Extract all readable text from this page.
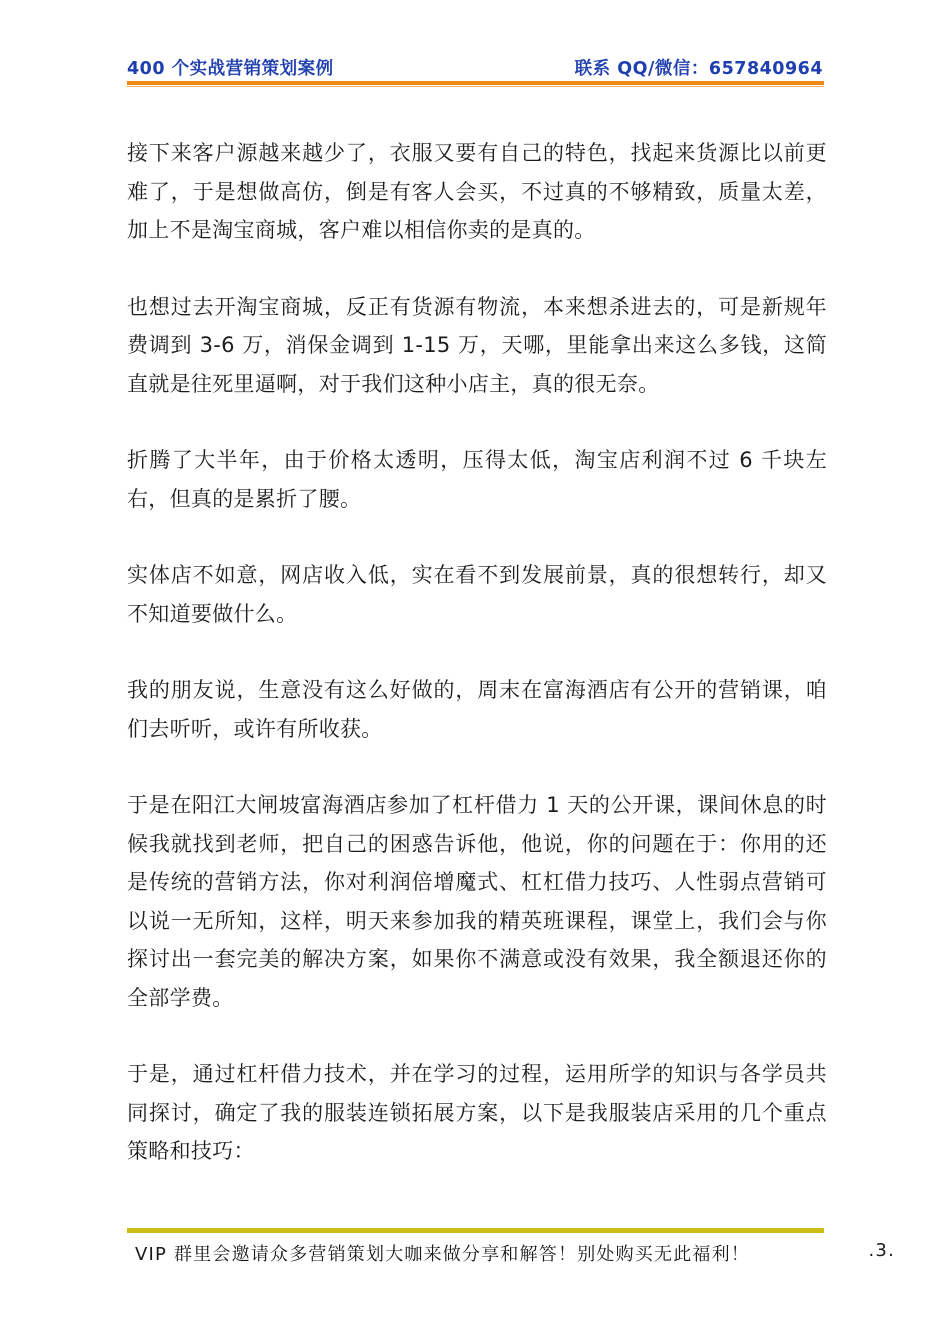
400 个实战营销策划案例	联系 QQ/微信：657840964

接下来客户源越来越少了，衣服又要有自己的特色，找起来货源比以前更难了，于是想做高仿，倒是有客人会买，不过真的不够精致，质量太差，加上不是淘宝商城，客户难以相信你卖的是真的。

也想过去开淘宝商城，反正有货源有物流，本来想杀进去的，可是新规年费调到 3-6 万，消保金调到 1-15 万，天哪，里能拿出来这么多钱，这简直就是往死里逼啊，对于我们这种小店主，真的很无奈。

折腾了大半年，由于价格太透明，压得太低，淘宝店利润不过 6 千块左右，但真的是累折了腰。

实体店不如意，网店收入低，实在看不到发展前景，真的很想转行，却又不知道要做什么。

我的朋友说，生意没有这么好做的，周末在富海酒店有公开的营销课，咱们去听听，或许有所收获。

于是在阳江大闸坡富海酒店参加了杠杆借力 1 天的公开课，课间休息的时候我就找到老师，把自己的困惑告诉他，他说，你的问题在于：你用的还是传统的营销方法，你对利润倍增魔式、杠杠借力技巧、人性弱点营销可以说一无所知，这样，明天来参加我的精英班课程，课堂上，我们会与你探讨出一套完美的解决方案，如果你不满意或没有效果，我全额退还你的全部学费。

于是，通过杠杆借力技术，并在学习的过程，运用所学的知识与各学员共同探讨，确定了我的服装连锁拓展方案，以下是我服装店采用的几个重点策略和技巧：

VIP 群里会邀请众多营销策划大咖来做分享和解答！别处购买无此福利！	.3.
